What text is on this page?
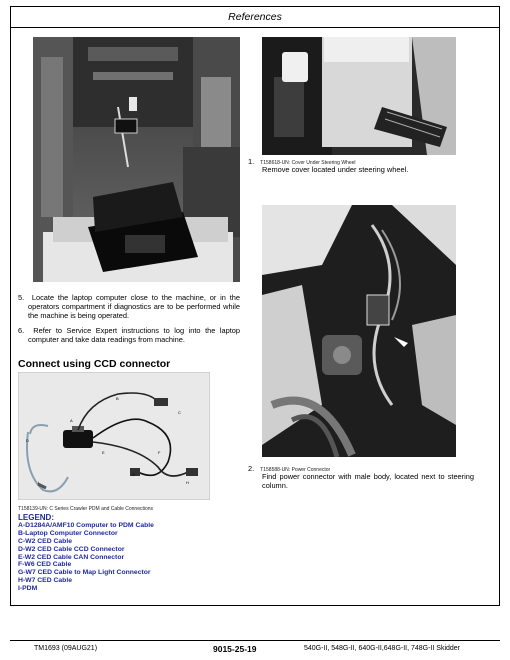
References
1. T158618-UN: Cover Under Steering Wheel
Remove cover located under steering wheel.
2. T158588-UN: Power Connector
Find power connector with male body, located next to steering column.
5. Locate the laptop computer close to the machine, or in the operators compartment if diagnostics are to be performed while the machine is being operated.
6. Refer to Service Expert instructions to log into the laptop computer and take data readings from machine.
Connect using CCD connector
A
B
C
D
E	F
G
H
I
T158139-UN: C Series Crawler PDM and Cable Connections
LEGEND:
A-D1284A/AMF10 Computer to PDM Cable
B-Laptop Computer Connector
C-W2 CED Cable
D-W2 CED Cable CCD Connector
E-W2 CED Cable CAN Connector
F-W6 CED Cable
G-W7 CED Cable to Map Light Connector
H-W7 CED Cable
I-PDM
TM1693 (09AUG21)	9015-25-19	540G-II, 548G-II, 640G-II,648G-II, 748G-II Skidder
